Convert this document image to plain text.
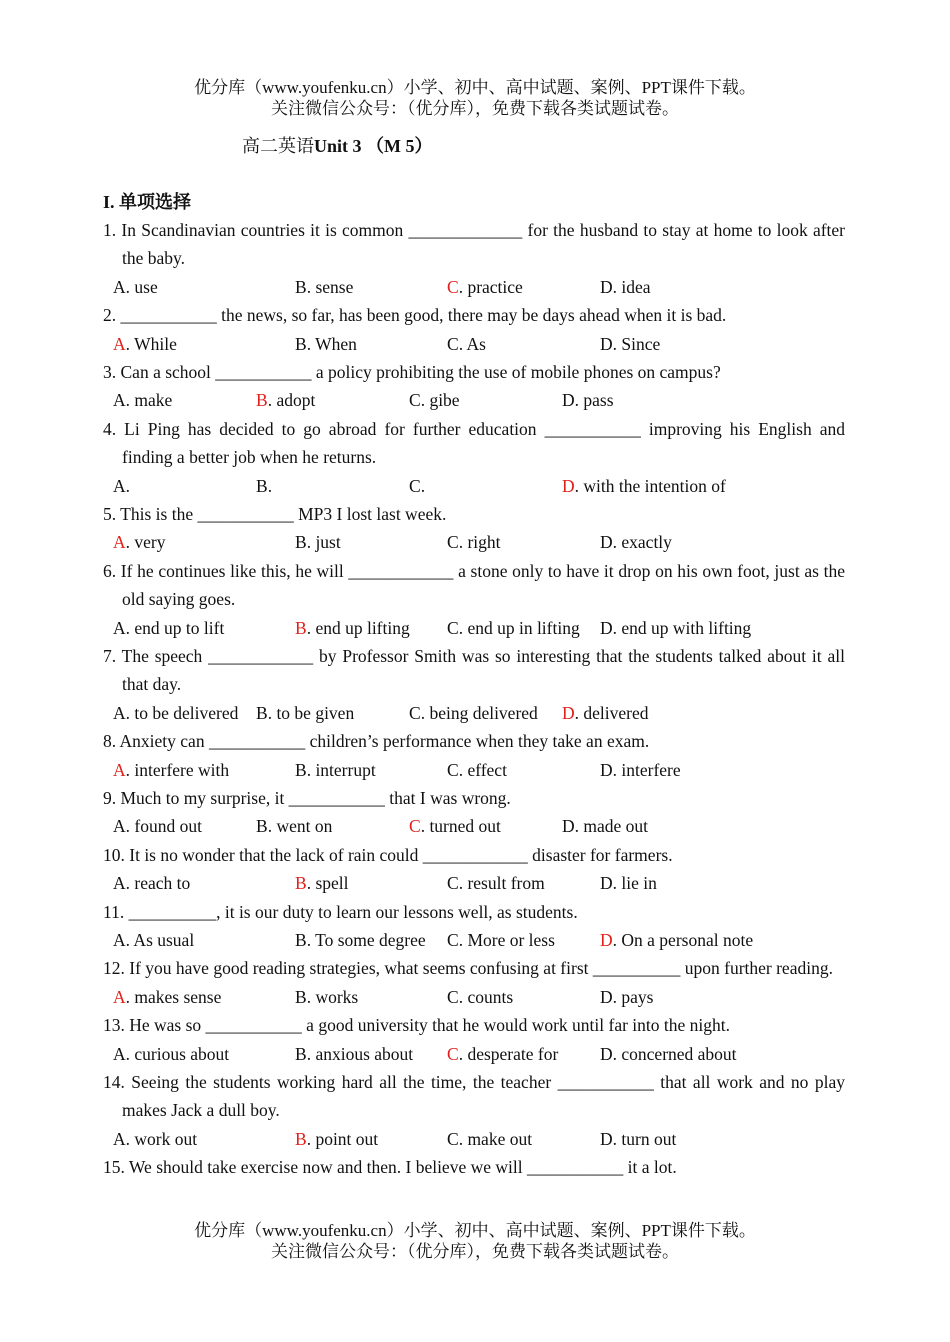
优分库（www.youfenku.cn）小学、初中、高中试题、案例、PPT课件下载。
关注微信公众号：（优分库），免费下载各类试题试卷。
高二英语Unit 3 （M 5）
I. 单项选择
1. In Scandinavian countries it is common _____________ for the husband to stay at home to look after the baby.
A. use	B. sense	C. practice	D. idea
2. ___________ the news, so far, has been good, there may be days ahead when it is bad.
A. While	B. When	C. As	D. Since
3. Can a school ___________ a policy prohibiting the use of mobile phones on campus?
A. make	B. adopt	C. gibe	D. pass
4. Li Ping has decided to go abroad for further education ___________ improving his English and finding a better job when he returns.
A.	B.	C.	D. with the intention of
5. This is the ___________ MP3 I lost last week.
A. very	B. just	C. right	D. exactly
6. If he continues like this, he will ____________ a stone only to have it drop on his own foot, just as the old saying goes.
A. end up to lift	B. end up lifting C. end up in lifting D. end up with lifting
7. The speech ____________ by Professor Smith was so interesting that the students talked about it all that day.
A. to be delivered B. to be given	C. being delivered D. delivered
8. Anxiety can ___________ children’s performance when they take an exam.
A. interfere with	B. interrupt	C. effect	D. interfere
9. Much to my surprise, it ___________ that I was wrong.
A. found out	B. went on	C. turned out	D. made out
10. It is no wonder that the lack of rain could ____________ disaster for farmers.
A. reach to	B. spell	C. result from	D. lie in
11. __________, it is our duty to learn our lessons well, as students.
A. As usual	B. To some degree C. More or less	D. On a personal note
12. If you have good reading strategies, what seems confusing at first __________ upon further reading.
A. makes sense	B. works	C. counts	D. pays
13. He was so ___________ a good university that he would work until far into the night.
A. curious about	B. anxious about C. desperate for D. concerned about
14. Seeing the students working hard all the time, the teacher ___________ that all work and no play makes Jack a dull boy.
A. work out	B. point out	C. make out	D. turn out
15. We should take exercise now and then. I believe we will ___________ it a lot.
优分库（www.youfenku.cn）小学、初中、高中试题、案例、PPT课件下载。
关注微信公众号：（优分库），免费下载各类试题试卷。
